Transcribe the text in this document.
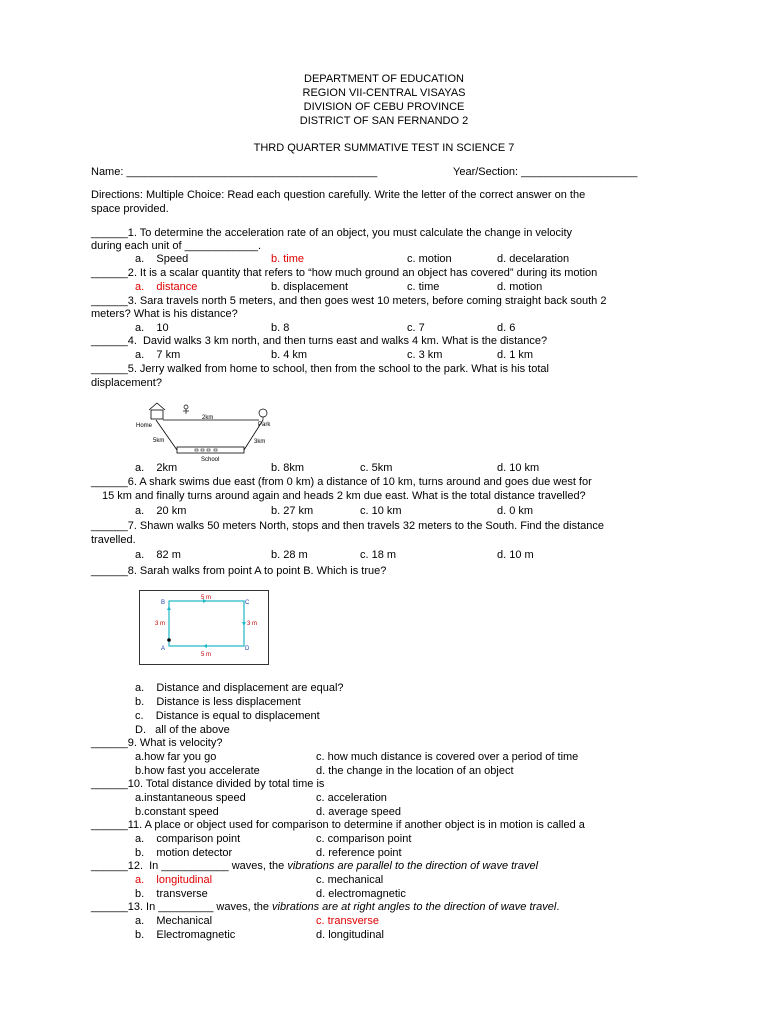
DEPARTMENT OF EDUCATION
REGION VII-CENTRAL VISAYAS
DIVISION OF CEBU PROVINCE
DISTRICT OF SAN FERNANDO 2
THRD QUARTER SUMMATIVE TEST IN SCIENCE 7
Name: _________________________________________	Year/Section: ___________________
Directions: Multiple Choice: Read each question carefully. Write the letter of the correct answer on the
space provided.
______1. To determine the acceleration rate of an object, you must calculate the change in velocity
during each unit of ____________.
a.    Speed	b. time	c. motion	d. decelaration
______2. It is a scalar quantity that refers to “how much ground an object has covered” during its motion
a.    distance	b. displacement	c. time	d. motion
______3. Sara travels north 5 meters, and then goes west 10 meters, before coming straight back south 2
meters? What is his distance?
a.    10	b. 8	c. 7	d. 6
______4.  David walks 3 km north, and then turns east and walks 4 km. What is the distance?
a.    7 km	b. 4 km	c. 3 km	d. 1 km
______5. Jerry walked from home to school, then from the school to the park. What is his total
displacement?
Home
2km
Park
5km	3km
School
a.    2km	b. 8km	c. 5km	d. 10 km
______6. A shark swims due east (from 0 km) a distance of 10 km, turns around and goes due west for
15 km and finally turns around again and heads 2 km due east. What is the total distance travelled?
a.    20 km	b. 27 km	c. 10 km	d. 0 km
______7. Shawn walks 50 meters North, stops and then travels 32 meters to the South. Find the distance
travelled.
a.    82 m	b. 28 m	c. 18 m	d. 10 m
______8. Sarah walks from point A to point B. Which is true?
B	C
A	D
5 m
5 m
3 m	3 m
a.    Distance and displacement are equal?
b.    Distance is less displacement
c.    Distance is equal to displacement
D.   all of the above
______9. What is velocity?
a.how far you go	c. how much distance is covered over a period of time
b.how fast you accelerate	d. the change in the location of an object
______10. Total distance divided by total time is
a.instantaneous speed	c. acceleration
b.constant speed	d. average speed
______11. A place or object used for comparison to determine if another object is in motion is called a
a.    comparison point	c. comparison point
b.    motion detector	d. reference point
______12.  In ___________ waves, the vibrations are parallel to the direction of wave travel
a.    longitudinal	c. mechanical
b.    transverse	d. electromagnetic
______13. In _________ waves, the vibrations are at right angles to the direction of wave travel.
a.    Mechanical	c. transverse
b.    Electromagnetic	d. longitudinal
